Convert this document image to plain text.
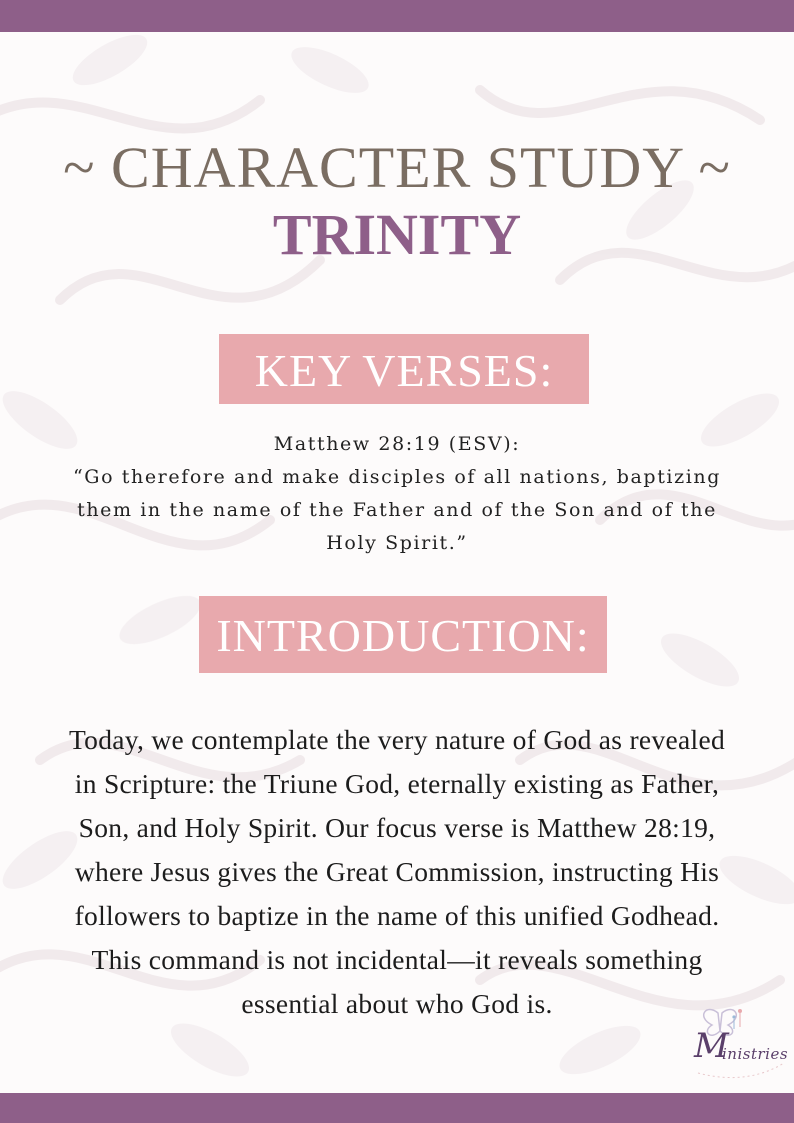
~ CHARACTER STUDY ~
TRINITY
KEY VERSES:
Matthew 28:19 (ESV):
“Go therefore and make disciples of all nations, baptizing
them in the name of the Father and of the Son and of the
Holy Spirit.”
INTRODUCTION:

Today, we contemplate the very nature of God as revealed in Scripture: the Triune God, eternally existing as Father, Son, and Holy Spirit. Our focus verse is Matthew 28:19, where Jesus gives the Great Commission, instructing His followers to baptize in the name of this unified Godhead. This command is not incidental—it reveals something essential about who God is.

M
inistries
